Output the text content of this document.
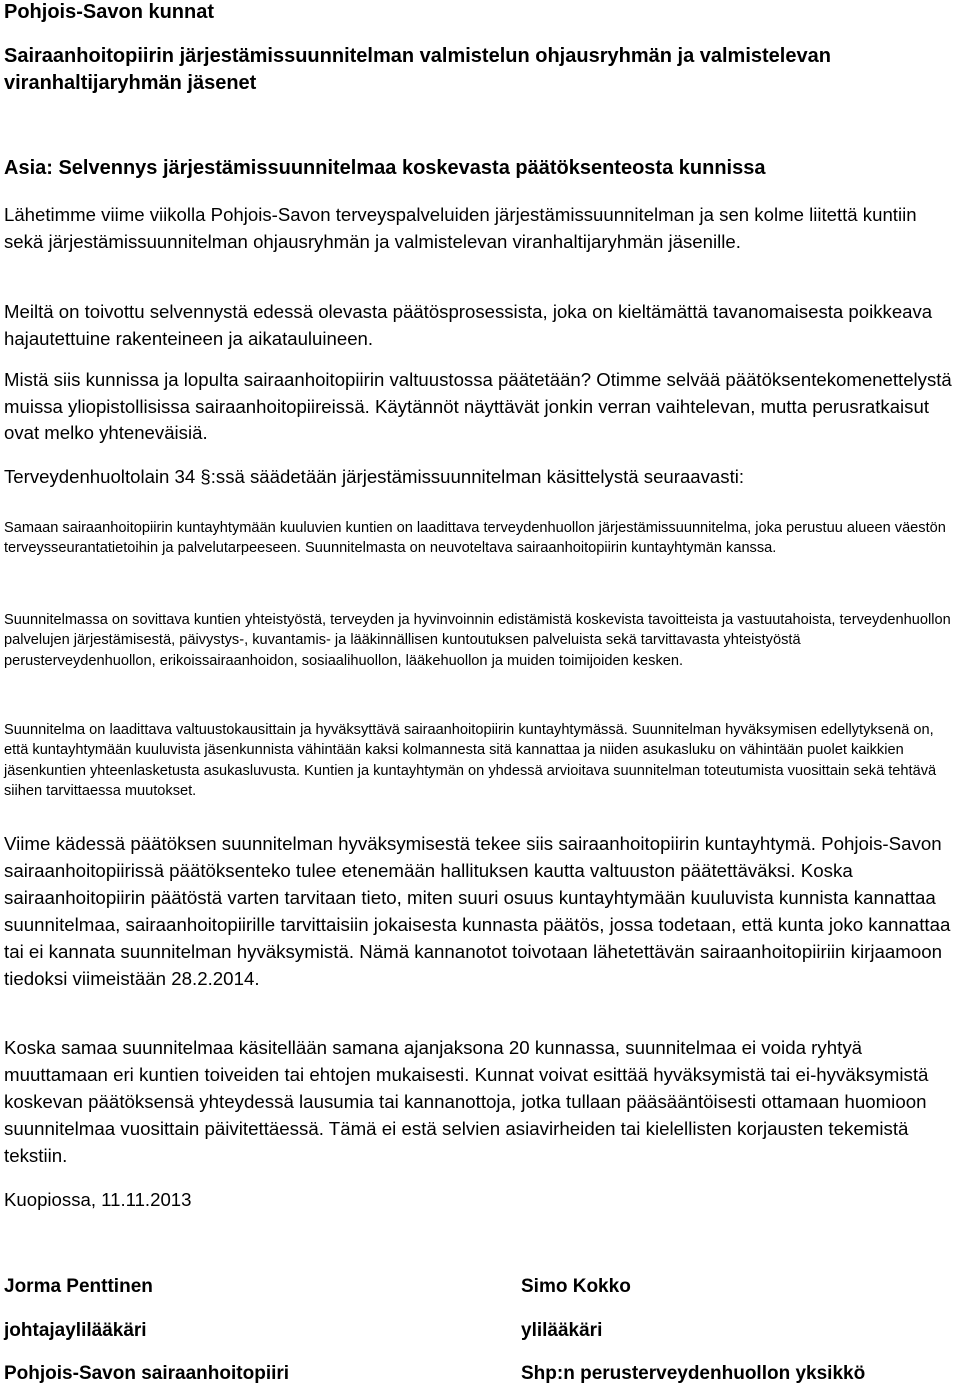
Pohjois-Savon kunnat
Sairaanhoitopiirin järjestämissuunnitelman valmistelun ohjausryhmän ja valmistelevan viranhaltijaryhmän jäsenet
Asia: Selvennys järjestämissuunnitelmaa koskevasta päätöksenteosta kunnissa

Lähetimme viime viikolla Pohjois-Savon terveyspalveluiden järjestämissuunnitelman ja sen kolme liitettä kuntiin sekä järjestämissuunnitelman ohjausryhmän ja valmistelevan viranhaltijaryhmän jäsenille.

Meiltä on toivottu selvennystä edessä olevasta päätösprosessista, joka on kieltämättä tavanomaisesta poikkeava hajautettuine rakenteineen ja aikatauluineen.

Mistä siis kunnissa ja lopulta sairaanhoitopiirin valtuustossa päätetään? Otimme selvää päätöksentekomenettelystä muissa yliopistollisissa sairaanhoitopiireissä. Käytännöt näyttävät jonkin verran vaihtelevan, mutta perusratkaisut ovat melko yhteneväisiä.

Terveydenhuoltolain 34 §:ssä säädetään järjestämissuunnitelman käsittelystä seuraavasti:

Samaan sairaanhoitopiirin kuntayhtymään kuuluvien kuntien on laadittava terveydenhuollon järjestämissuunnitelma, joka perustuu alueen väestön terveysseurantatietoihin ja palvelutarpeeseen. Suunnitelmasta on neuvoteltava sairaanhoitopiirin kuntayhtymän kanssa.

Suunnitelmassa on sovittava kuntien yhteistyöstä, terveyden ja hyvinvoinnin edistämistä koskevista tavoitteista ja vastuutahoista, terveydenhuollon palvelujen järjestämisestä, päivystys-, kuvantamis- ja lääkinnällisen kuntoutuksen palveluista sekä tarvittavasta yhteistyöstä perusterveydenhuollon, erikoissairaanhoidon, sosiaalihuollon, lääkehuollon ja muiden toimijoiden kesken.

Suunnitelma on laadittava valtuustokausittain ja hyväksyttävä sairaanhoitopiirin kuntayhtymässä. Suunnitelman hyväksymisen edellytyksenä on, että kuntayhtymään kuuluvista jäsenkunnista vähintään kaksi kolmannesta sitä kannattaa ja niiden asukasluku on vähintään puolet kaikkien jäsenkuntien yhteenlasketusta asukasluvusta. Kuntien ja kuntayhtymän on yhdessä arvioitava suunnitelman toteutumista vuosittain sekä tehtävä siihen tarvittaessa muutokset.

Viime kädessä päätöksen suunnitelman hyväksymisestä tekee siis sairaanhoitopiirin kuntayhtymä. Pohjois-Savon sairaanhoitopiirissä päätöksenteko tulee etenemään hallituksen kautta valtuuston päätettäväksi. Koska sairaanhoitopiirin päätöstä varten tarvitaan tieto, miten suuri osuus kuntayhtymään kuuluvista kunnista kannattaa suunnitelmaa, sairaanhoitopiirille tarvittaisiin jokaisesta kunnasta päätös, jossa todetaan, että kunta joko kannattaa tai ei kannata suunnitelman hyväksymistä. Nämä kannanotot toivotaan lähetettävän sairaanhoitopiiriin kirjaamoon tiedoksi viimeistään 28.2.2014.

Koska samaa suunnitelmaa käsitellään samana ajanjaksona 20 kunnassa, suunnitelmaa ei voida ryhtyä muuttamaan eri kuntien toiveiden tai ehtojen mukaisesti. Kunnat voivat esittää hyväksymistä tai ei-hyväksymistä koskevan päätöksensä yhteydessä lausumia tai kannanottoja, jotka tullaan pääsääntöisesti ottamaan huomioon suunnitelmaa vuosittain päivitettäessä. Tämä ei estä selvien asiavirheiden tai kielellisten korjausten tekemistä tekstiin.

Kuopiossa, 11.11.2013

Jorma Penttinen
johtajaylilääkäri
Pohjois-Savon sairaanhoitopiiri
Simo Kokko
ylilääkäri
Shp:n perusterveydenhuollon yksikkö
